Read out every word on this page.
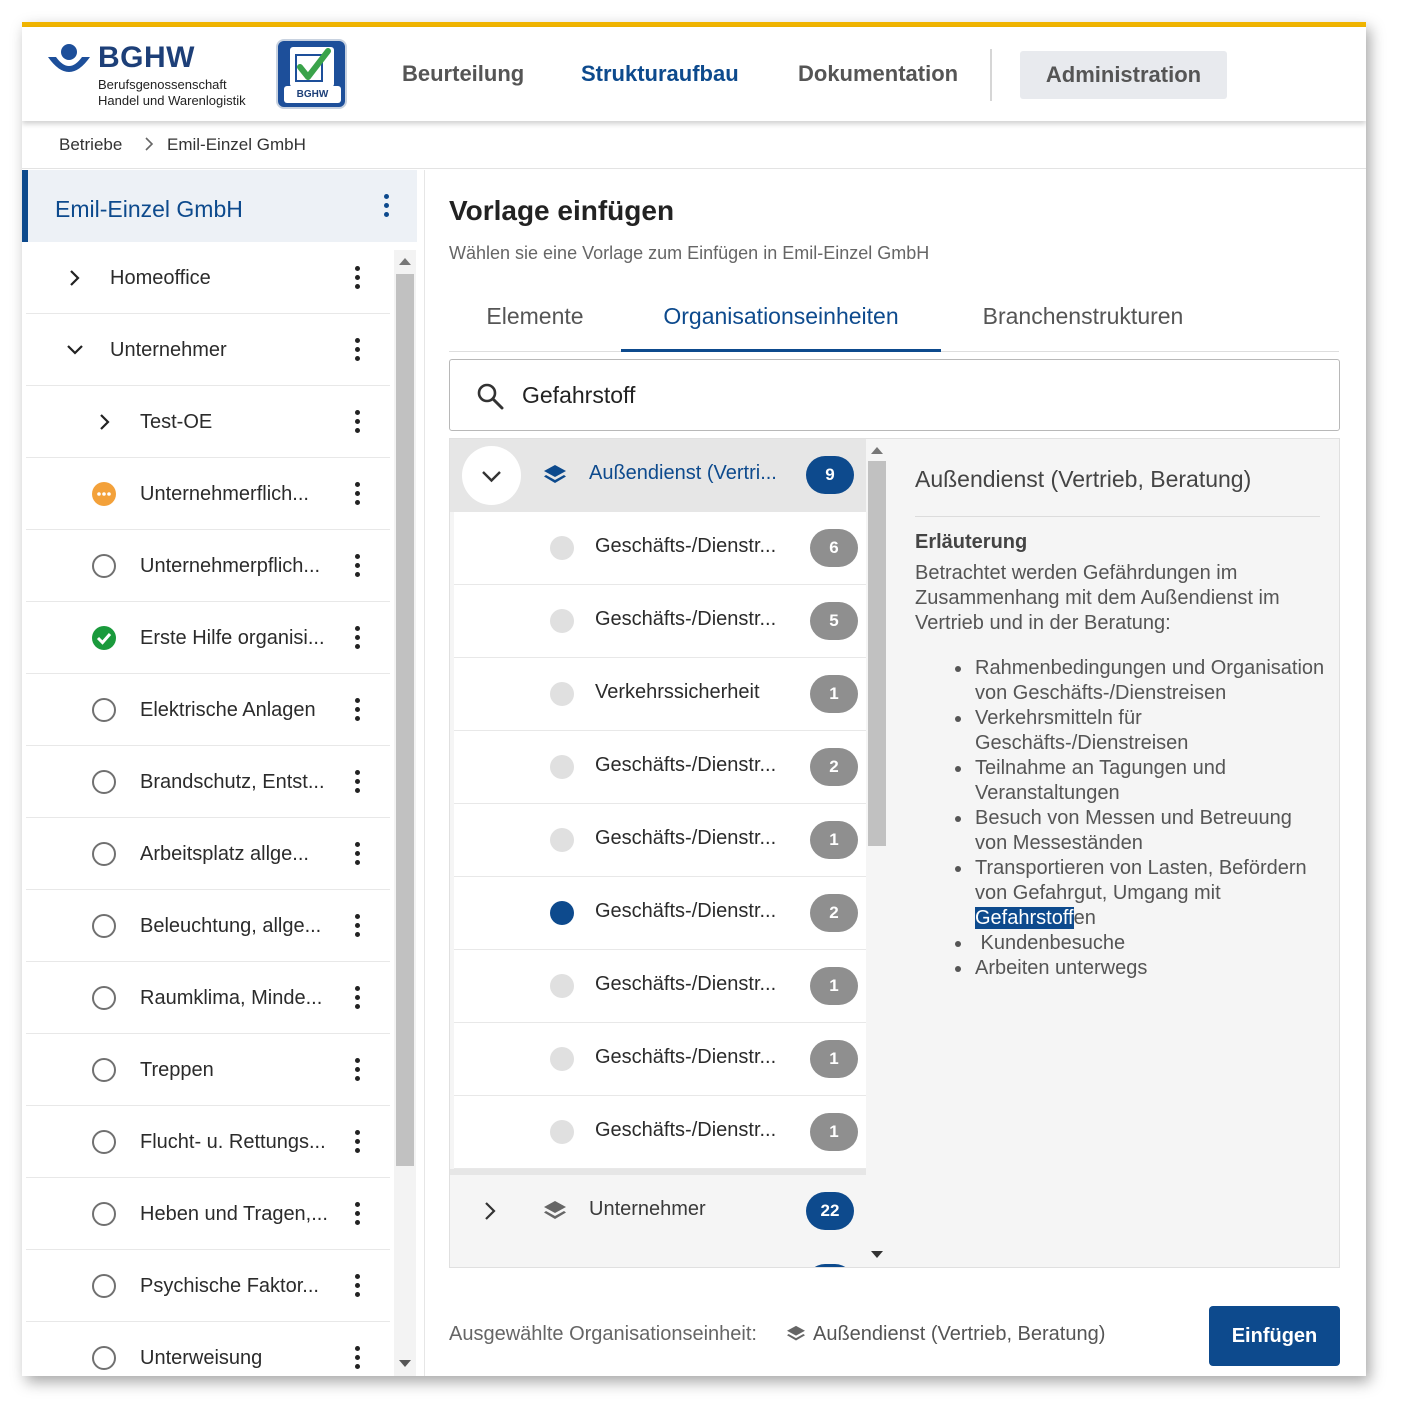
BGHW
Berufsgenossenschaft
Handel und Warenlogistik	BGHW
Beurteilung	Strukturaufbau	Dokumentation	Administration
Betriebe	Emil-Einzel GmbH
Emil-Einzel GmbH
Homeoffice
Unternehmer
Test-OE
Unternehmerflich...
Unternehmerpflich...
Erste Hilfe organisi...
Elektrische Anlagen
Brandschutz, Entst...
Arbeitsplatz allge...
Beleuchtung, allge...
Raumklima, Minde...
Treppen
Flucht- u. Rettungs...
Heben und Tragen,...
Psychische Faktor...
Unterweisung
Vorlage einfügen
Wählen sie eine Vorlage zum Einfügen in Emil-Einzel GmbH
Elemente	Organisationseinheiten	Branchenstrukturen
Gefahrstoff
Außendienst (Vertri...	9
Geschäfts-/Dienstr...	6
Geschäfts-/Dienstr...	5
Verkehrssicherheit	1
Geschäfts-/Dienstr...	2
Geschäfts-/Dienstr...	1
Geschäfts-/Dienstr...	2
Geschäfts-/Dienstr...	1
Geschäfts-/Dienstr...	1
Geschäfts-/Dienstr...	1
Unternehmer	22
Außendienst (Vertrieb, Beratung)
Erläuterung
Betrachtet werden Gefährdungen im Zusammenhang mit dem Außendienst im Vertrieb und in der Beratung:
Rahmenbedingungen und Organisation von Geschäfts-/Dienstreisen
Verkehrsmitteln für Geschäfts-/Dienstreisen
Teilnahme an Tagungen und Veranstaltungen
Besuch von Messen und Betreuung von Messeständen
Transportieren von Lasten, Befördern von Gefahrgut, Umgang mit Gefahrstoffen
Kundenbesuche
Arbeiten unterwegs
Ausgewählte Organisationseinheit:	Außendienst (Vertrieb, Beratung)	Einfügen
